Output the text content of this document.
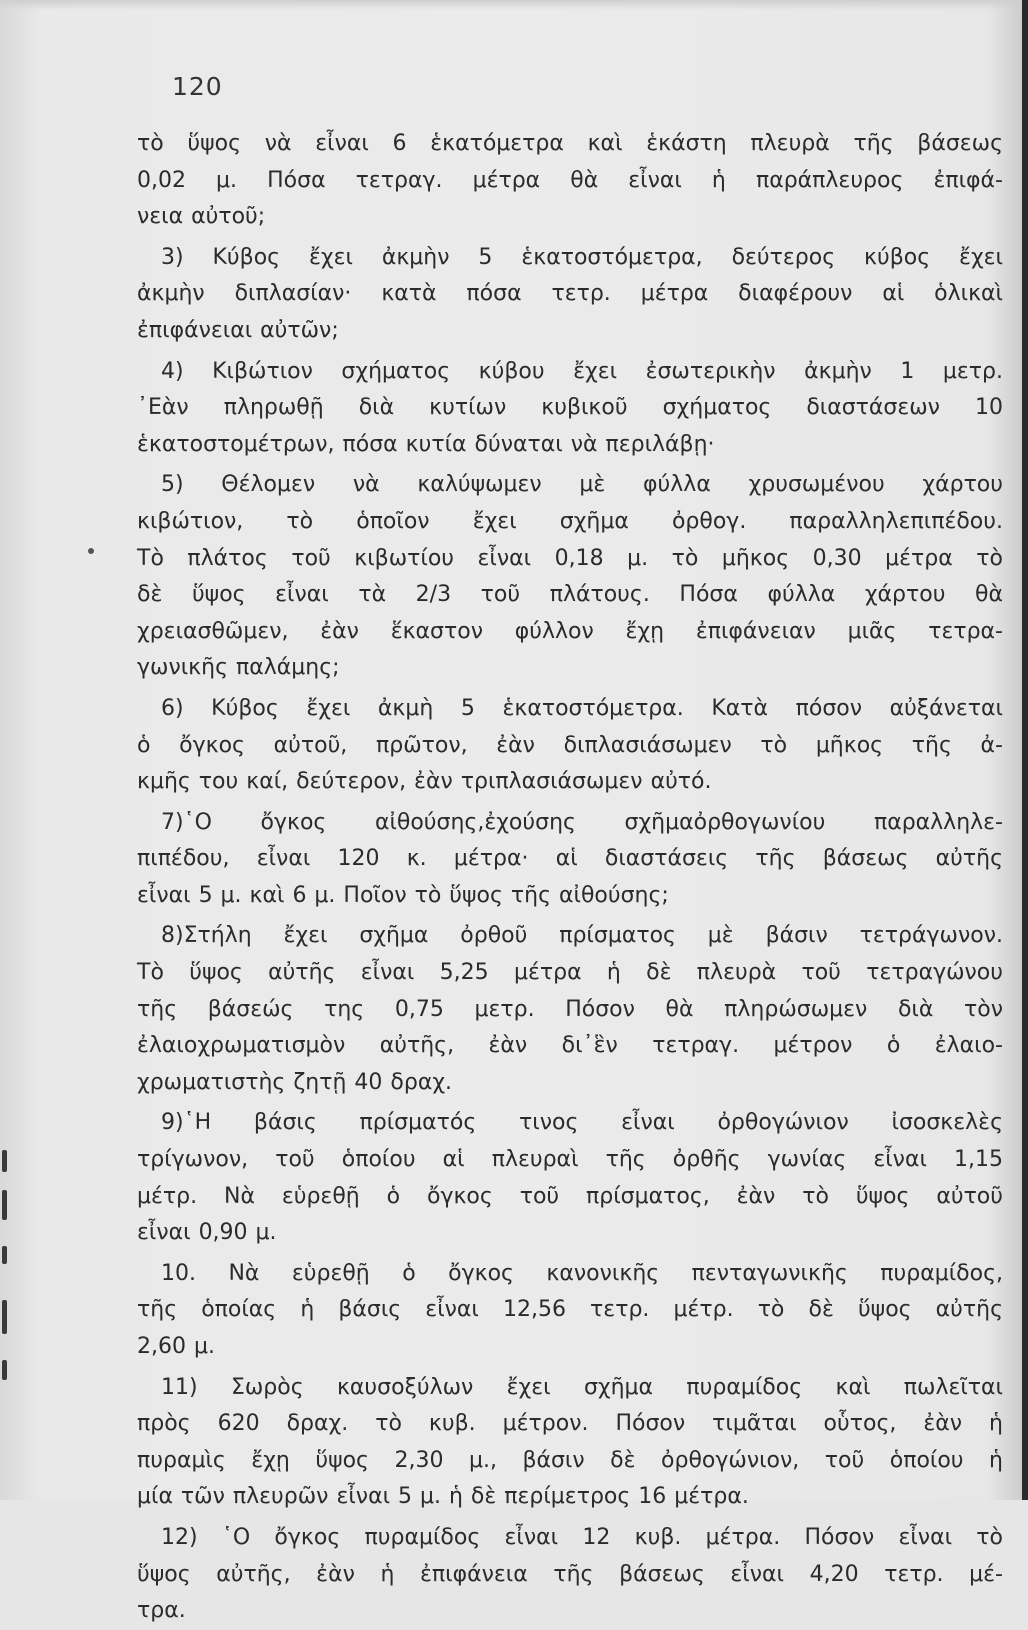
120
τὸ ὕψος νὰ εἶναι 6 ἑκατόμετρα καὶ ἑκάστη πλευρὰ τῆς βάσεως
0,02 μ. Πόσα τετραγ. μέτρα θὰ εἶναι ἡ παράπλευρος ἐπιφά-
νεια αὐτοῦ;
3) Κύβος ἔχει ἀκμὴν 5 ἑκατοστόμετρα, δεύτερος κύβος ἔχει
ἀκμὴν διπλασίαν· κατὰ πόσα τετρ. μέτρα διαφέρουν αἱ ὁλικαὶ
ἐπιφάνειαι αὐτῶν;
4) Κιβώτιον σχήματος κύβου ἔχει ἐσωτερικὴν ἀκμὴν 1 μετρ.
᾿Εὰν πληρωθῇ διὰ κυτίων κυβικοῦ σχήματος διαστάσεων 10
ἑκατοστομέτρων, πόσα κυτία δύναται νὰ περιλάβῃ·
5) Θέλομεν νὰ καλύψωμεν μὲ φύλλα χρυσωμένου χάρτου
κιβώτιον, τὸ ὁποῖον ἔχει σχῆμα ὀρθογ. παραλληλεπιπέδου.
Τὸ πλάτος τοῦ κιβωτίου εἶναι 0,18 μ. τὸ μῆκος 0,30 μέτρα τὸ
δὲ ὕψος εἶναι τὰ 2/3 τοῦ πλάτους. Πόσα φύλλα χάρτου θὰ
χρειασθῶμεν, ἐὰν ἕκαστον φύλλον ἔχῃ ἐπιφάνειαν μιᾶς τετρα-
γωνικῆς παλάμης;
6) Κύβος ἔχει ἀκμὴ 5 ἑκατοστόμετρα. Κατὰ πόσον αὐξάνεται
ὁ ὄγκος αὐτοῦ, πρῶτον, ἐὰν διπλασιάσωμεν τὸ μῆκος τῆς ἀ-
κμῆς του καί, δεύτερον, ἐὰν τριπλασιάσωμεν αὐτό.
7)῾Ο ὄγκος αἰθούσης,ἐχούσης σχῆμαὀρθογωνίου παραλληλε-
πιπέδου, εἶναι 120 κ. μέτρα· αἱ διαστάσεις τῆς βάσεως αὐτῆς
εἶναι 5 μ. καὶ 6 μ. Ποῖον τὸ ὕψος τῆς αἰθούσης;
8)Στήλη ἔχει σχῆμα ὀρθοῦ πρίσματος μὲ βάσιν τετράγωνον.
Τὸ ὕψος αὐτῆς εἶναι 5,25 μέτρα ἡ δὲ πλευρὰ τοῦ τετραγώνου
τῆς βάσεώς της 0,75 μετρ. Πόσον θὰ πληρώσωμεν διὰ τὸν
ἐλαιοχρωματισμὸν αὐτῆς, ἐὰν δι᾿ἓν τετραγ. μέτρον ὁ ἐλαιο-
χρωματιστὴς ζητῇ 40 δραχ.
9)῾Η βάσις πρίσματός τινος εἶναι ὀρθογώνιον ἰσοσκελὲς
τρίγωνον, τοῦ ὁποίου αἱ πλευραὶ τῆς ὀρθῆς γωνίας εἶναι 1,15
μέτρ. Νὰ εὑρεθῇ ὁ ὄγκος τοῦ πρίσματος, ἐὰν τὸ ὕψος αὐτοῦ
εἶναι 0,90 μ.
10. Νὰ εὑρεθῇ ὁ ὄγκος κανονικῆς πενταγωνικῆς πυραμίδος,
τῆς ὁποίας ἡ βάσις εἶναι 12,56 τετρ. μέτρ. τὸ δὲ ὕψος αὐτῆς
2,60 μ.
11) Σωρὸς καυσοξύλων ἔχει σχῆμα πυραμίδος καὶ πωλεῖται
πρὸς 620 δραχ. τὸ κυβ. μέτρον. Πόσον τιμᾶται οὗτος, ἐὰν ἡ
πυραμὶς ἔχῃ ὕψος 2,30 μ., βάσιν δὲ ὀρθογώνιον, τοῦ ὁποίου ἡ
μία τῶν πλευρῶν εἶναι 5 μ. ἡ δὲ περίμετρος 16 μέτρα.
12) ῾Ο ὄγκος πυραμίδος εἶναι 12 κυβ. μέτρα. Πόσον εἶναι τὸ
ὕψος αὐτῆς, ἐὰν ἡ ἐπιφάνεια τῆς βάσεως εἶναι 4,20 τετρ. μέ-
τρα.
